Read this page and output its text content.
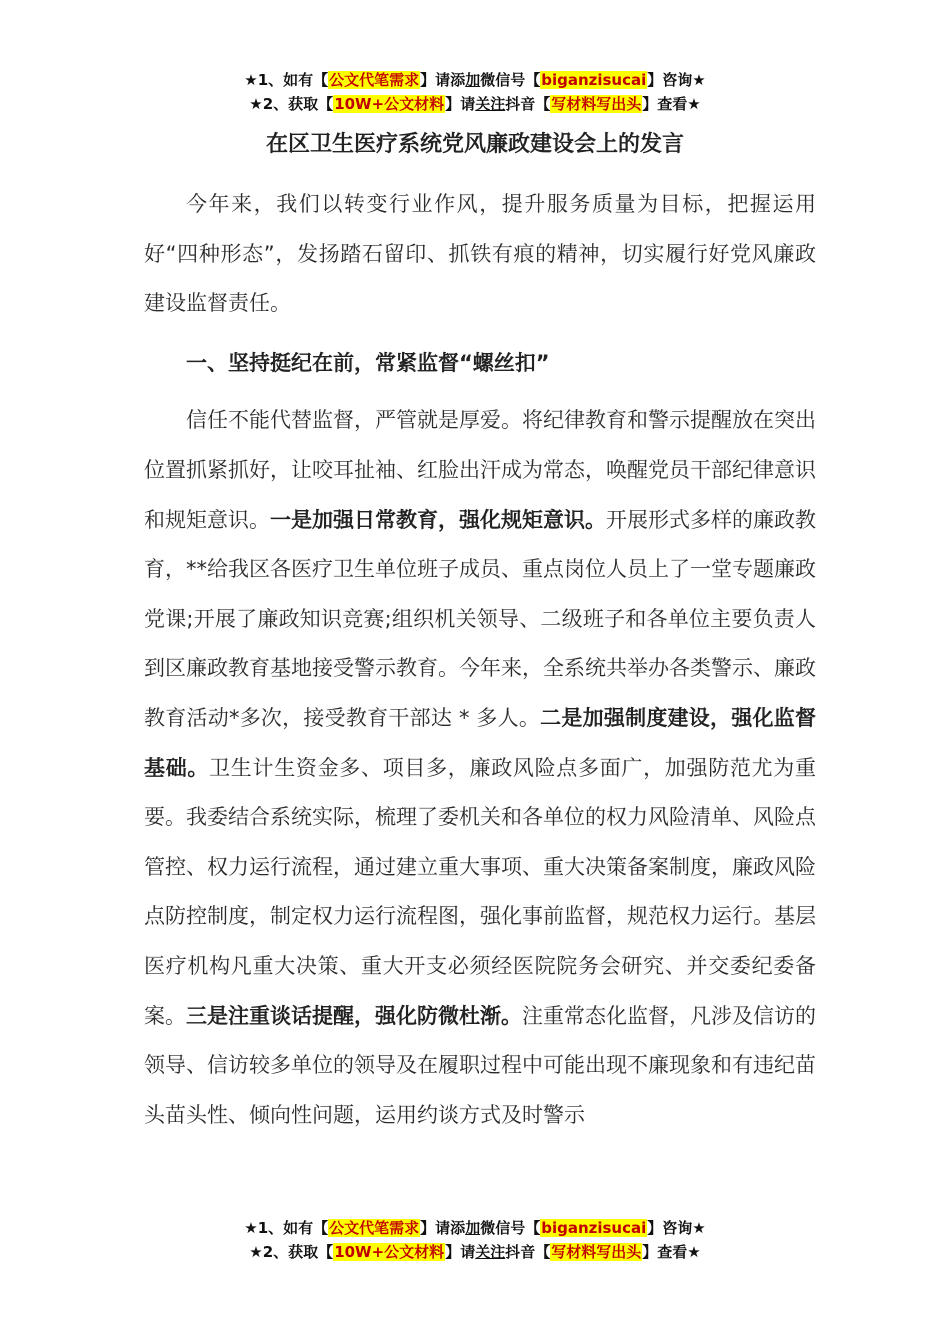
★1、如有【公文代笔需求】请添加微信号【biganzisucai】咨询★
★2、获取【10W+公文材料】请关注抖音【写材料写出头】查看★
在区卫生医疗系统党风廉政建设会上的发言

今年来，我们以转变行业作风，提升服务质量为目标，把握运用好“四种形态”，发扬踏石留印、抓铁有痕的精神，切实履行好党风廉政建设监督责任。

一、坚持挺纪在前，常紧监督“螺丝扣”

信任不能代替监督，严管就是厚爱。将纪律教育和警示提醒放在突出位置抓紧抓好，让咬耳扯袖、红脸出汗成为常态，唤醒党员干部纪律意识和规矩意识。一是加强日常教育，强化规矩意识。开展形式多样的廉政教育，**给我区各医疗卫生单位班子成员、重点岗位人员上了一堂专题廉政党课;开展了廉政知识竞赛;组织机关领导、二级班子和各单位主要负责人到区廉政教育基地接受警示教育。今年来，全系统共举办各类警示、廉政教育活动*多次，接受教育干部达 * 多人。二是加强制度建设，强化监督基础。卫生计生资金多、项目多，廉政风险点多面广，加强防范尤为重要。我委结合系统实际，梳理了委机关和各单位的权力风险清单、风险点管控、权力运行流程，通过建立重大事项、重大决策备案制度，廉政风险点防控制度，制定权力运行流程图，强化事前监督，规范权力运行。基层医疗机构凡重大决策、重大开支必须经医院院务会研究、并交委纪委备案。三是注重谈话提醒，强化防微杜渐。注重常态化监督，凡涉及信访的领导、信访较多单位的领导及在履职过程中可能出现不廉现象和有违纪苗头苗头性、倾向性问题，运用约谈方式及时警示

★1、如有【公文代笔需求】请添加微信号【biganzisucai】咨询★
★2、获取【10W+公文材料】请关注抖音【写材料写出头】查看★
